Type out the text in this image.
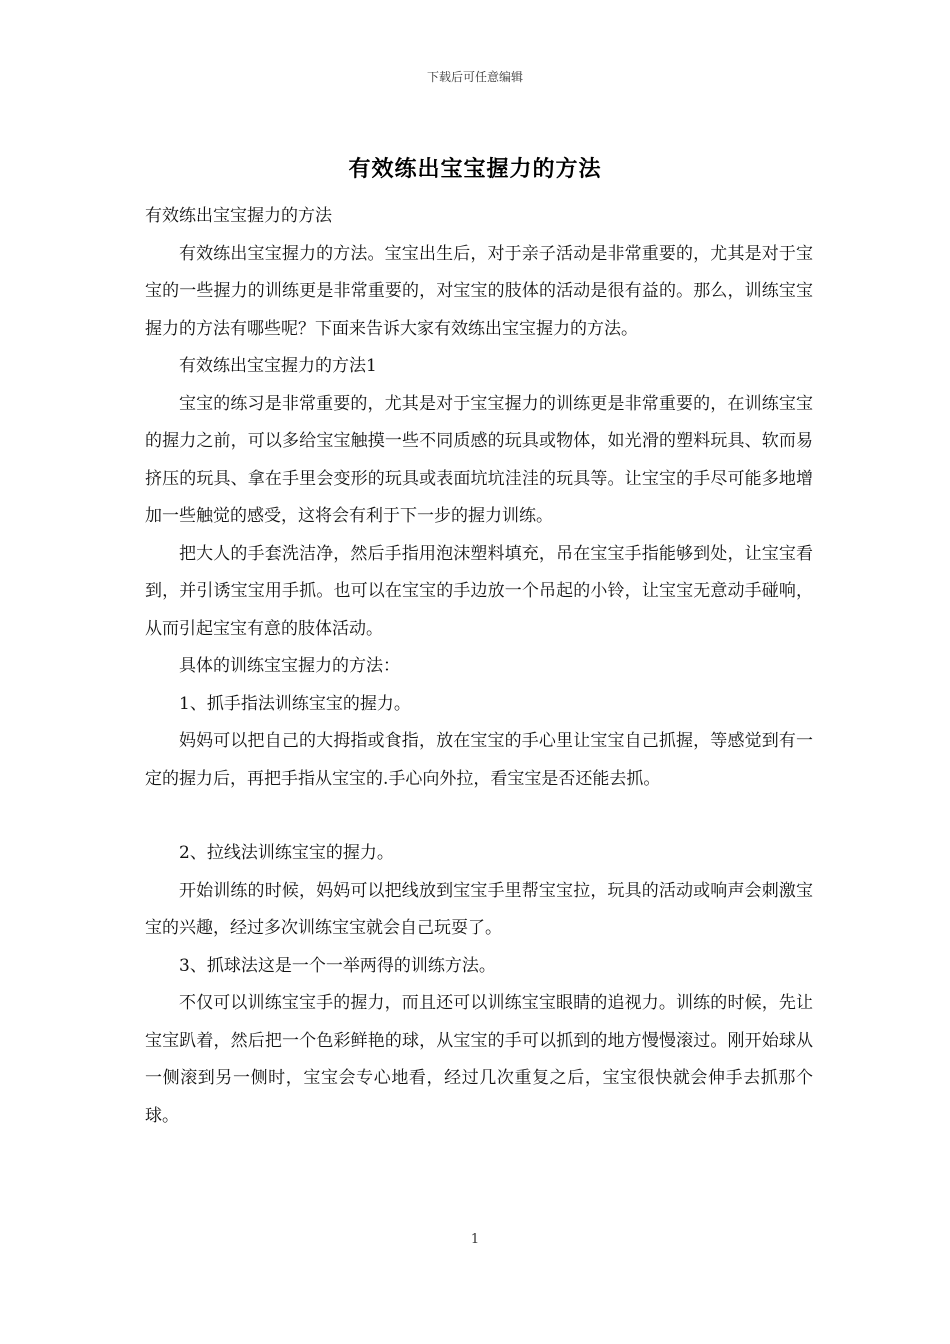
下载后可任意编辑
有效练出宝宝握力的方法

有效练出宝宝握力的方法

有效练出宝宝握力的方法。宝宝出生后，对于亲子活动是非常重要的，尤其是对于宝宝的一些握力的训练更是非常重要的，对宝宝的肢体的活动是很有益的。那么，训练宝宝握力的方法有哪些呢？下面来告诉大家有效练出宝宝握力的方法。

有效练出宝宝握力的方法1

宝宝的练习是非常重要的，尤其是对于宝宝握力的训练更是非常重要的，在训练宝宝的握力之前，可以多给宝宝触摸一些不同质感的玩具或物体，如光滑的塑料玩具、软而易挤压的玩具、拿在手里会变形的玩具或表面坑坑洼洼的玩具等。让宝宝的手尽可能多地增加一些触觉的感受，这将会有利于下一步的握力训练。

把大人的手套洗洁净，然后手指用泡沫塑料填充，吊在宝宝手指能够到处，让宝宝看到，并引诱宝宝用手抓。也可以在宝宝的手边放一个吊起的小铃，让宝宝无意动手碰响，从而引起宝宝有意的肢体活动。

具体的训练宝宝握力的方法：

1、抓手指法训练宝宝的握力。

妈妈可以把自己的大拇指或食指，放在宝宝的手心里让宝宝自己抓握，等感觉到有一定的握力后，再把手指从宝宝的.手心向外拉，看宝宝是否还能去抓。

2、拉线法训练宝宝的握力。

开始训练的时候，妈妈可以把线放到宝宝手里帮宝宝拉，玩具的活动或响声会刺激宝宝的兴趣，经过多次训练宝宝就会自己玩耍了。

3、抓球法这是一个一举两得的训练方法。

不仅可以训练宝宝手的握力，而且还可以训练宝宝眼睛的追视力。训练的时候，先让宝宝趴着，然后把一个色彩鲜艳的球，从宝宝的手可以抓到的地方慢慢滚过。刚开始球从一侧滚到另一侧时，宝宝会专心地看，经过几次重复之后，宝宝很快就会伸手去抓那个球。

1
